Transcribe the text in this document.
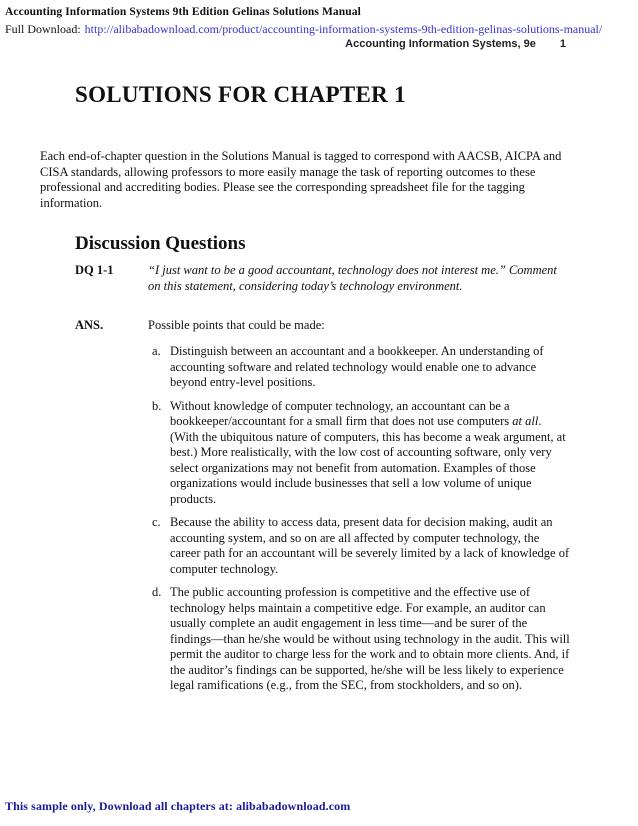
Accounting Information Systems 9th Edition Gelinas Solutions Manual
Full Download: http://alibabadownload.com/product/accounting-information-systems-9th-edition-gelinas-solutions-manual/
Accounting Information Systems, 9e 1
SOLUTIONS FOR CHAPTER 1

Each end-of-chapter question in the Solutions Manual is tagged to correspond with AACSB, AICPA and CISA standards, allowing professors to more easily manage the task of reporting outcomes to these professional and accrediting bodies. Please see the corresponding spreadsheet file for the tagging information.

Discussion Questions
DQ 1-1	“I just want to be a good accountant, technology does not interest me.” Comment on this statement, considering today’s technology environment.
ANS.	Possible points that could be made:
a. Distinguish between an accountant and a bookkeeper. An understanding of accounting software and related technology would enable one to advance beyond entry-level positions.
b. Without knowledge of computer technology, an accountant can be a bookkeeper/accountant for a small firm that does not use computers at all. (With the ubiquitous nature of computers, this has become a weak argument, at best.) More realistically, with the low cost of accounting software, only very select organizations may not benefit from automation. Examples of those organizations would include businesses that sell a low volume of unique products.
c. Because the ability to access data, present data for decision making, audit an accounting system, and so on are all affected by computer technology, the career path for an accountant will be severely limited by a lack of knowledge of computer technology.
d. The public accounting profession is competitive and the effective use of technology helps maintain a competitive edge. For example, an auditor can usually complete an audit engagement in less time—and be surer of the findings—than he/she would be without using technology in the audit. This will permit the auditor to charge less for the work and to obtain more clients. And, if the auditor’s findings can be supported, he/she will be less likely to experience legal ramifications (e.g., from the SEC, from stockholders, and so on).
This sample only, Download all chapters at: alibabadownload.com
